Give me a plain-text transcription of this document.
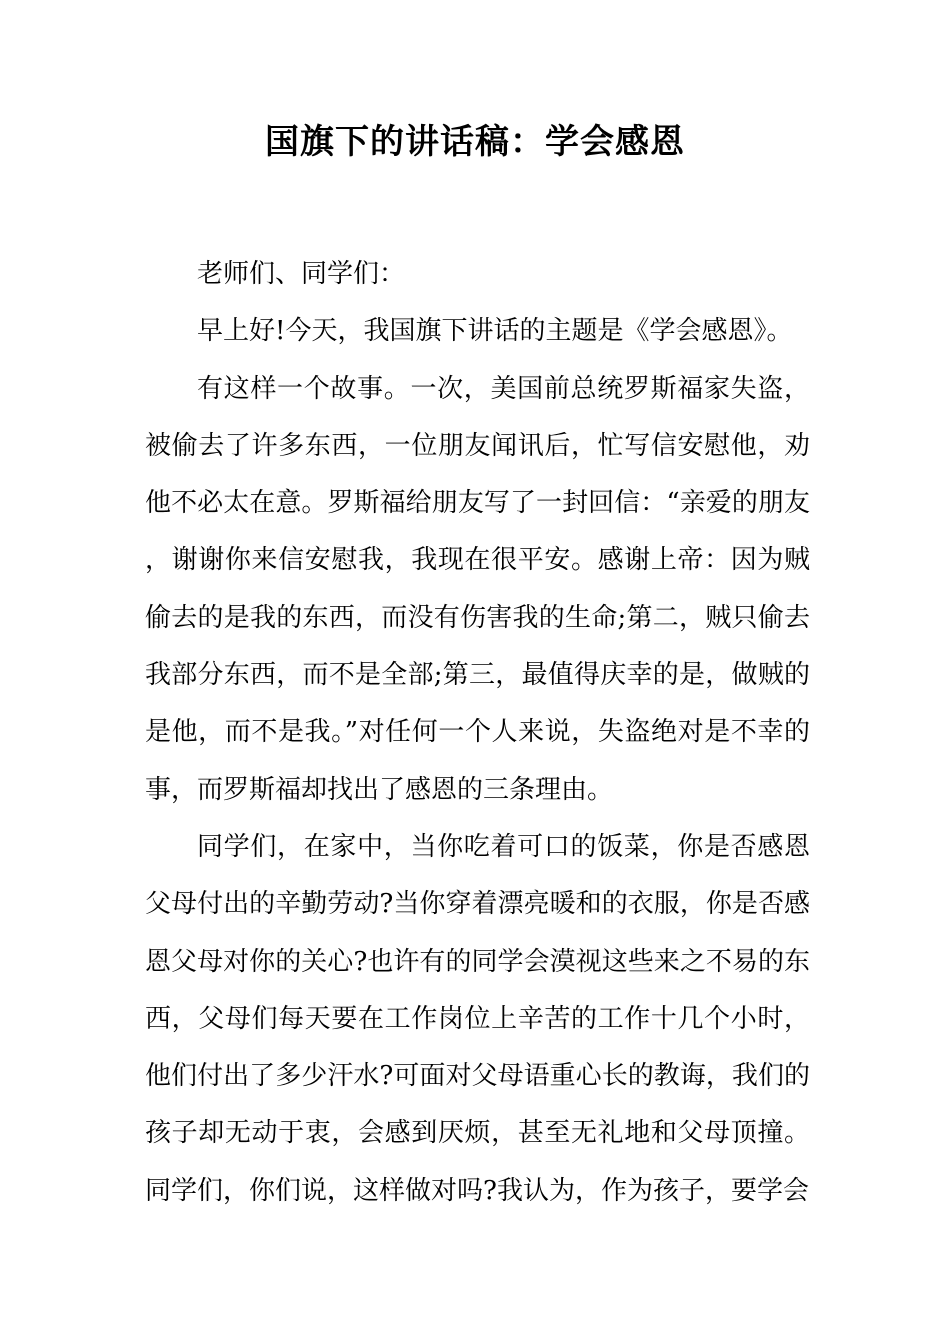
国旗下的讲话稿：学会感恩

老师们、同学们：

早上好!今天，我国旗下讲话的主题是《学会感恩》。

有这样一个故事。一次，美国前总统罗斯福家失盗，被偷去了许多东西，一位朋友闻讯后，忙写信安慰他，劝他不必太在意。罗斯福给朋友写了一封回信：“亲爱的朋友，谢谢你来信安慰我，我现在很平安。感谢上帝：因为贼偷去的是我的东西，而没有伤害我的生命;第二，贼只偷去我部分东西，而不是全部;第三，最值得庆幸的是，做贼的是他，而不是我。”对任何一个人来说，失盗绝对是不幸的事，而罗斯福却找出了感恩的三条理由。

同学们，在家中，当你吃着可口的饭菜，你是否感恩父母付出的辛勤劳动?当你穿着漂亮暖和的衣服，你是否感恩父母对你的关心?也许有的同学会漠视这些来之不易的东西，父母们每天要在工作岗位上辛苦的工作十几个小时，他们付出了多少汗水?可面对父母语重心长的教诲，我们的孩子却无动于衷，会感到厌烦，甚至无礼地和父母顶撞。同学们，你们说，这样做对吗?我认为，作为孩子，要学会
